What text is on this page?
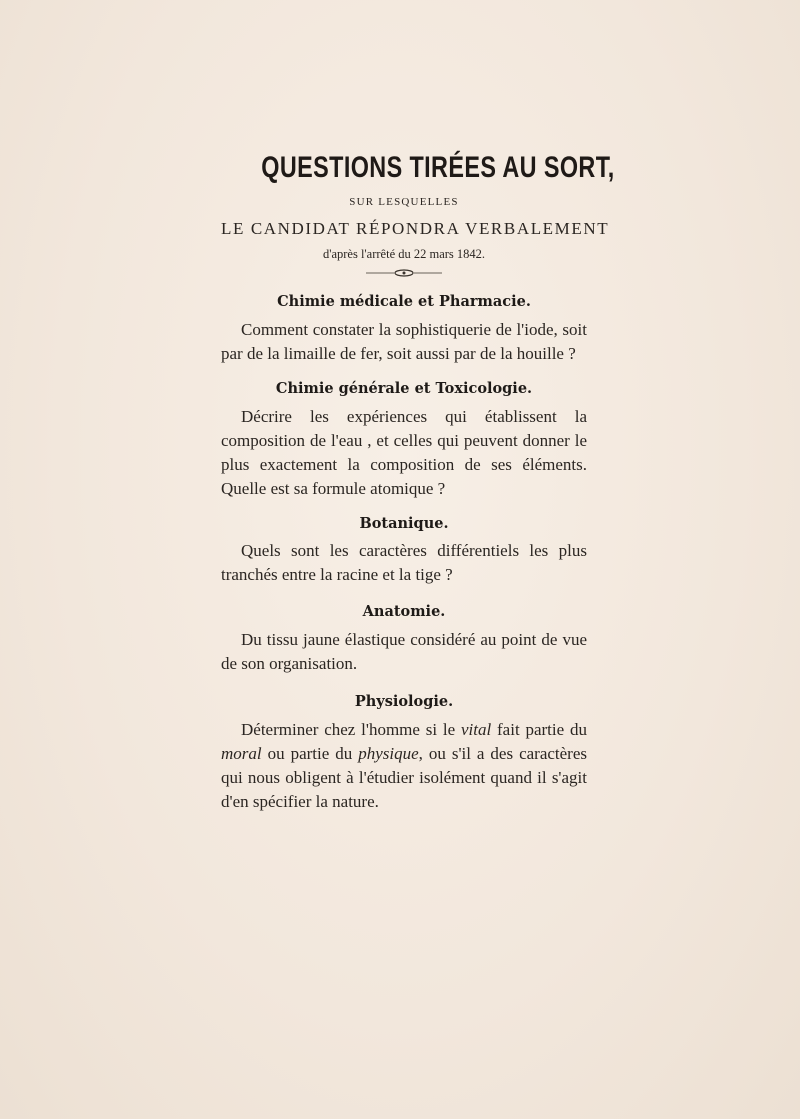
QUESTIONS TIRÉES AU SORT,
SUR LESQUELLES
LE CANDIDAT RÉPONDRA VERBALEMENT
d'après l'arrêté du 22 mars 1842.
Chimie médicale et Pharmacie.
Comment constater la sophistiquerie de l'iode, soit par de la limaille de fer, soit aussi par de la houille ?
Chimie générale et Toxicologie.
Décrire les expériences qui établissent la composition de l'eau , et celles qui peuvent donner le plus exactement la composition de ses éléments. Quelle est sa formule atomique ?
Botanique.
Quels sont les caractères différentiels les plus tranchés entre la racine et la tige ?
Anatomie.
Du tissu jaune élastique considéré au point de vue de son organisation.
Physiologie.
Déterminer chez l'homme si le vital fait partie du moral ou partie du physique, ou s'il a des caractères qui nous obligent à l'étudier isolément quand il s'agit d'en spécifier la nature.
